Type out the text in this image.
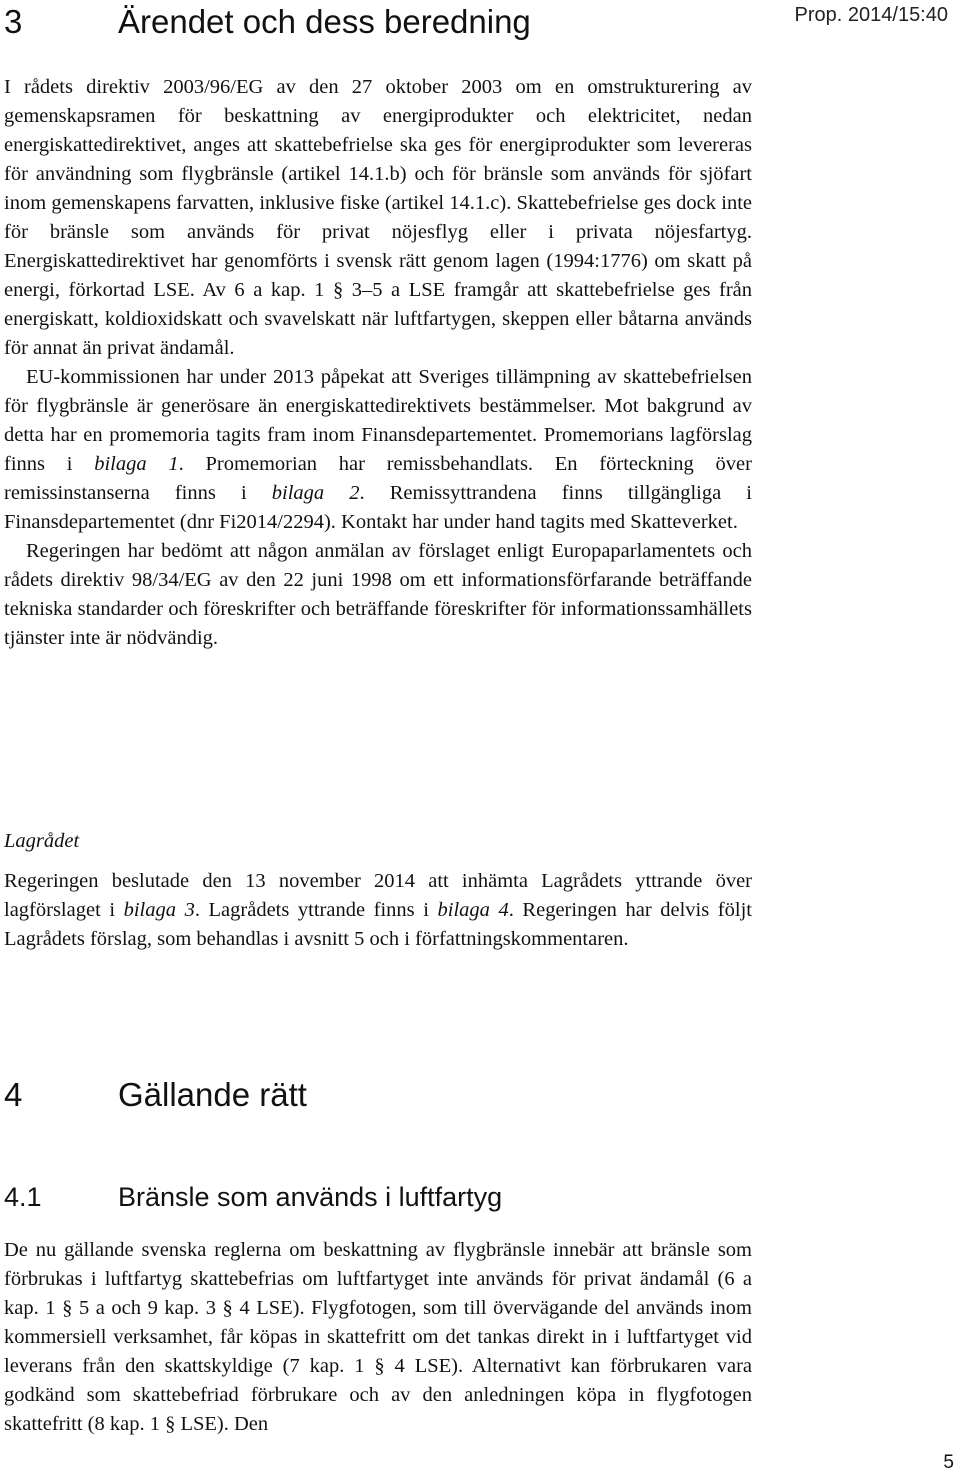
Prop. 2014/15:40
3	Ärendet och dess beredning

I rådets direktiv 2003/96/EG av den 27 oktober 2003 om en omstrukturering av gemenskapsramen för beskattning av energiprodukter och elektricitet, nedan energiskattedirektivet, anges att skattebefrielse ska ges för energiprodukter som levereras för användning som flygbränsle (artikel 14.1.b) och för bränsle som används för sjöfart inom gemenskapens farvatten, inklusive fiske (artikel 14.1.c). Skattebefrielse ges dock inte för bränsle som används för privat nöjesflyg eller i privata nöjesfartyg. Energiskattedirektivet har genomförts i svensk rätt genom lagen (1994:1776) om skatt på energi, förkortad LSE. Av 6 a kap. 1 § 3–5 a LSE framgår att skattebefrielse ges från energiskatt, koldioxidskatt och svavelskatt när luftfartygen, skeppen eller båtarna används för annat än privat ändamål.

EU-kommissionen har under 2013 påpekat att Sveriges tillämpning av skattebefrielsen för flygbränsle är generösare än energiskattedirektivets bestämmelser. Mot bakgrund av detta har en promemoria tagits fram inom Finansdepartementet. Promemorians lagförslag finns i bilaga 1. Promemorian har remissbehandlats. En förteckning över remissinstanserna finns i bilaga 2. Remissyttrandena finns tillgängliga i Finansdepartementet (dnr Fi2014/2294). Kontakt har under hand tagits med Skatteverket.

Regeringen har bedömt att någon anmälan av förslaget enligt Europaparlamentets och rådets direktiv 98/34/EG av den 22 juni 1998 om ett informationsförfarande beträffande tekniska standarder och föreskrifter och beträffande föreskrifter för informationssamhällets tjänster inte är nödvändig.

Lagrådet

Regeringen beslutade den 13 november 2014 att inhämta Lagrådets yttrande över lagförslaget i bilaga 3. Lagrådets yttrande finns i bilaga 4. Regeringen har delvis följt Lagrådets förslag, som behandlas i avsnitt 5 och i författningskommentaren.

4	Gällande rätt
4.1	Bränsle som används i luftfartyg

De nu gällande svenska reglerna om beskattning av flygbränsle innebär att bränsle som förbrukas i luftfartyg skattebefrias om luftfartyget inte används för privat ändamål (6 a kap. 1 § 5 a och 9 kap. 3 § 4 LSE). Flygfotogen, som till övervägande del används inom kommersiell verksamhet, får köpas in skattefritt om det tankas direkt in i luftfartyget vid leverans från den skattskyldige (7 kap. 1 § 4 LSE). Alternativt kan förbrukaren vara godkänd som skattebefriad förbrukare och av den anledningen köpa in flygfotogen skattefritt (8 kap. 1 § LSE). Den

5
